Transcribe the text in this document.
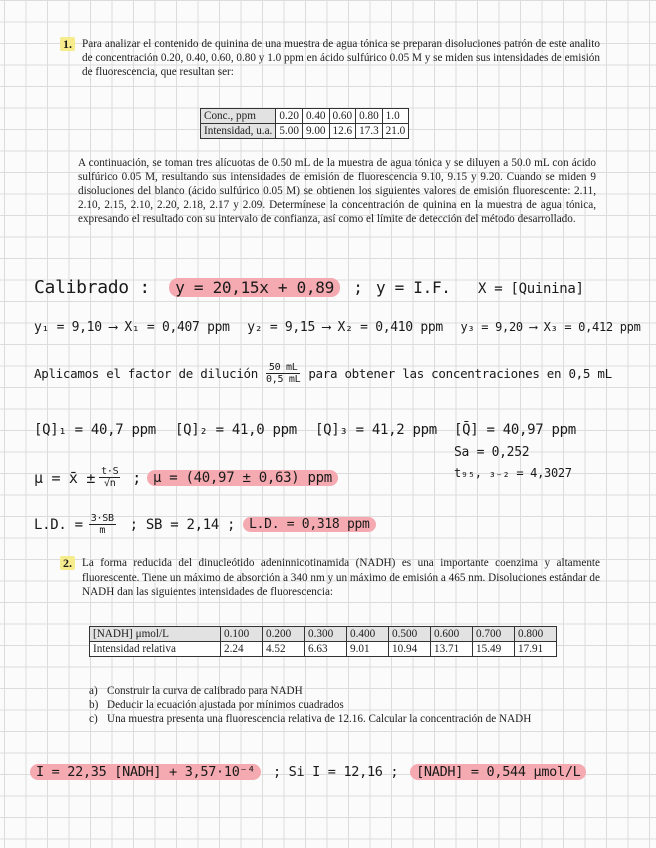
1. Para analizar el contenido de quinina de una muestra de agua tónica se preparan disoluciones patrón de este analito de concentración 0.20, 0.40, 0.60, 0.80 y 1.0 ppm en ácido sulfúrico 0.05 M y se miden sus intensidades de emisión de fluorescencia, que resultan ser:
Conc., ppm	0.20	0.40	0.60	0.80	1.0
Intensidad, u.a.	5.00	9.00	12.6	17.3	21.0
A continuación, se toman tres alícuotas de 0.50 mL de la muestra de agua tónica y se diluyen a 50.0 mL con ácido sulfúrico 0.05 M, resultando sus intensidades de emisión de fluorescencia 9.10, 9.15 y 9.20. Cuando se miden 9 disoluciones del blanco (ácido sulfúrico 0.05 M) se obtienen los siguientes valores de emisión fluorescente: 2.11, 2.10, 2.15, 2.10, 2.20, 2.18, 2.17 y 2.09. Determínese la concentración de quinina en la muestra de agua tónica, expresando el resultado con su intervalo de confianza, así como el límite de detección del método desarrollado.
Calibrado : y = 20,15x + 0,89 ; y = I.F. X = [Quinina]
y₁ = 9,10 ⟶ X₁ = 0,407 ppm y₂ = 9,15 ⟶ X₂ = 0,410 ppm y₃ = 9,20 ⟶ X₃ = 0,412 ppm
Aplicamos el factor de dilución $\frac{50 mL}{0,5 mL}$ para obtener las concentraciones en 0,5 mL
[Q]₁ = 40,7 ppm [Q]₂ = 41,0 ppm [Q]₃ = 41,2 ppm [Q̄] = 40,97 ppm
Sa = 0,252
t₉₅, ₃₋₂ = 4,3027
μ = x̄ ± $\frac{t\cdot S}{√n}$ ; μ = (40,97 ± 0,63) ppm
L.D. = $\frac{3\cdot SB}{m}$ ; SB = 2,14 ;	L.D. = 0,318 ppm
2. La forma reducida del dinucleótido adeninnicotinamida (NADH) es una importante coenzima y altamente fluorescente. Tiene un máximo de absorción a 340 nm y un máximo de emisión a 465 nm. Disoluciones estándar de NADH dan las siguientes intensidades de fluorescencia:
[NADH] μmol/L	0.100	0.200	0.300	0.400	0.500	0.600	0.700	0.800
Intensidad relativa	2.24	4.52	6.63	9.01	10.94	13.71	15.49	17.91
a) Construir la curva de calibrado para NADH
b) Deducir la ecuación ajustada por mínimos cuadrados
c) Una muestra presenta una fluorescencia relativa de 12.16. Calcular la concentración de NADH
I = 22,35 [NADH] + 3,57·10⁻⁴ ; Si I = 12,16 ; [NADH] = 0,544 μmol/L
